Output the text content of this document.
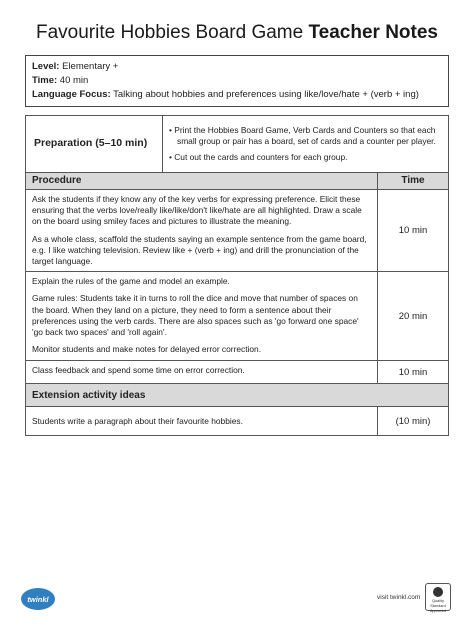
Favourite Hobbies Board Game Teacher Notes
Level: Elementary +
Time: 40 min
Language Focus: Talking about hobbies and preferences using like/love/hate + (verb + ing)
Preparation (5–10 min)	• Print the Hobbies Board Game, Verb Cards and Counters so that each small group or pair has a board, set of cards and a counter per player.
• Cut out the cards and counters for each group.	

Procedure		Time

Ask the students if they know any of the key verbs for expressing preference. Elicit these ensuring that the verbs love/really like/like/don't like/hate are all highlighted. Draw a scale on the board using smiley faces and pictures to illustrate the meaning.

As a whole class, scaffold the students saying an example sentence from the game board, e.g. I like watching television. Review like + (verb + ing) and drill the pronunciation of the target language.		10 min

Explain the rules of the game and model an example.

Game rules: Students take it in turns to roll the dice and move that number of spaces on the board. When they land on a picture, they need to form a sentence about their preferences using the verb cards. There are also spaces such as 'go forward one space' 'go back two spaces' and 'roll again'.

Monitor students and make notes for delayed error correction.		20 min

Class feedback and spend some time on error correction.		10 min
Extension activity ideas		
Students write a paragraph about their favourite hobbies.		(10 min)
twinkl	visit twinkl.com	Quality Standard Approved
